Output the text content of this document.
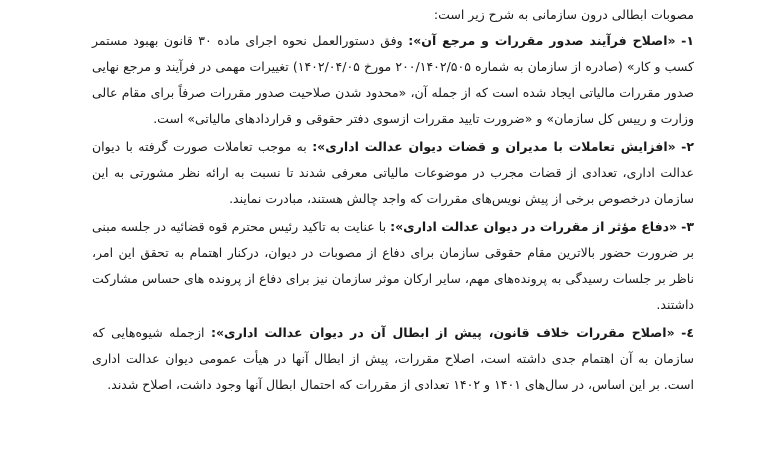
مصوبات ابطالی درون سازمانی به شرح زیر است:

۱- «اصلاح فرآیند صدور مقررات و مرجع آن»: وفق دستورالعمل نحوه اجرای ماده ۳۰ قانون بهبود مستمر کسب و کار» (صادره از سازمان به شماره ۲۰۰/۱۴۰۲/۵۰۵ مورخ ۱۴۰۲/۰۴/۰۵) تغییرات مهمی در فرآیند و مرجع نهایی صدور مقررات مالیاتی ایجاد شده است که از جمله آن، «محدود شدن صلاحیت صدور مقررات صرفاً برای مقام عالی وزارت و رییس کل سازمان» و «ضرورت تایید مقررات ازسوی دفتر حقوقی و قراردادهای مالیاتی» است.

۲- «افزایش تعاملات با مدیران و قضات دیوان عدالت اداری»: به موجب تعاملات صورت گرفته با دیوان عدالت اداری، تعدادی از قضات مجرب در موضوعات مالیاتی معرفی شدند تا نسبت به ارائه نظر مشورتی به این سازمان درخصوص برخی از پیش نویس‌های مقررات که واجد چالش هستند، مبادرت نمایند.

۳- «دفاع مؤثر از مقررات در دیوان عدالت اداری»: با عنایت به تاکید رئیس محترم قوه قضائیه در جلسه مبنی بر ضرورت حضور بالاترین مقام حقوقی سازمان برای دفاع از مصوبات در دیوان، درکنار اهتمام به تحقق این امر، ناظر بر جلسات رسیدگی به پرونده‌های مهم، سایر ارکان موثر سازمان نیز برای دفاع از پرونده های حساس مشارکت داشتند.

٤- «اصلاح مقررات خلاف قانون، پیش از ابطال آن در دیوان عدالت اداری»: ازجمله شیوه‌هایی که سازمان به آن اهتمام جدی داشته است، اصلاح مقررات، پیش از ابطال آنها در هیأت عمومی دیوان عدالت اداری است. بر این اساس، در سال‌های ۱۴۰۱ و ۱۴۰۲ تعدادی از مقررات که احتمال ابطال آنها وجود داشت، اصلاح شدند.
